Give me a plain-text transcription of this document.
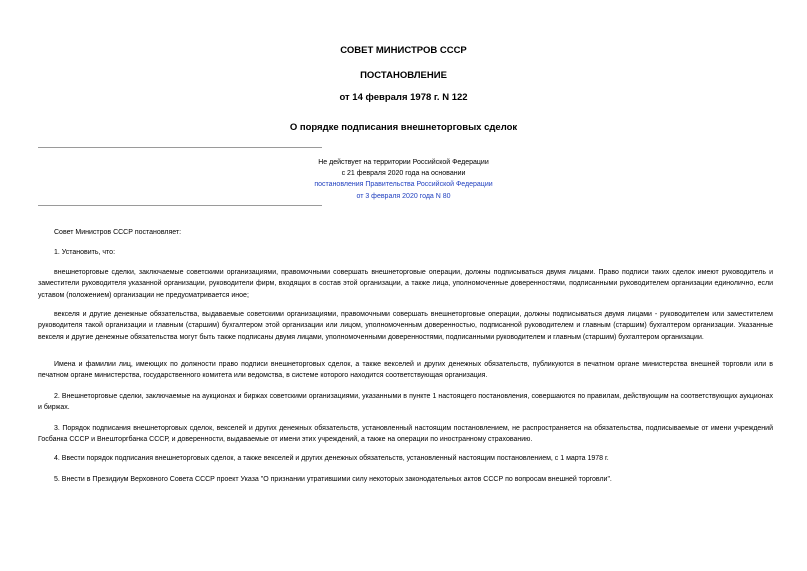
СОВЕТ МИНИСТРОВ СССР
ПОСТАНОВЛЕНИЕ
от 14 февраля 1978 г. N 122
О порядке подписания внешнеторговых сделок
Не действует на территории Российской Федерации
с 21 февраля 2020 года на основании
постановления Правительства Российской Федерации
от 3 февраля 2020 года N 80
Совет Министров СССР постановляет:
1. Установить, что:
внешнеторговые сделки, заключаемые советскими организациями, правомочными совершать внешнеторговые операции, должны подписываться двумя лицами. Право подписи таких сделок имеют руководитель и заместители руководителя указанной организации, руководители фирм, входящих в состав этой организации, а также лица, уполномоченные доверенностями, подписанными руководителем организации единолично, если уставом (положением) организации не предусматривается иное;
векселя и другие денежные обязательства, выдаваемые советскими организациями, правомочными совершать внешнеторговые операции, должны подписываться двумя лицами - руководителем или заместителем руководителя такой организации и главным (старшим) бухгалтером этой организации или лицом, уполномоченным доверенностью, подписанной руководителем и главным (старшим) бухгалтером организации. Указанные векселя и другие денежные обязательства могут быть также подписаны двумя лицами, уполномоченными доверенностями, подписанными руководителем и главным (старшим) бухгалтером организации.
Имена и фамилии лиц, имеющих по должности право подписи внешнеторговых сделок, а также векселей и других денежных обязательств, публикуются в печатном органе министерства внешней торговли или в печатном органе министерства, государственного комитета или ведомства, в системе которого находится соответствующая организация.
2. Внешнеторговые сделки, заключаемые на аукционах и биржах советскими организациями, указанными в пункте 1 настоящего постановления, совершаются по правилам, действующим на соответствующих аукционах и биржах.
3. Порядок подписания внешнеторговых сделок, векселей и других денежных обязательств, установленный настоящим постановлением, не распространяется на обязательства, подписываемые от имени учреждений Госбанка СССР и Внешторгбанка СССР, и доверенности, выдаваемые от имени этих учреждений, а также на операции по иностранному страхованию.
4. Ввести порядок подписания внешнеторговых сделок, а также векселей и других денежных обязательств, установленный настоящим постановлением, с 1 марта 1978 г.
5. Внести в Президиум Верховного Совета СССР проект Указа "О признании утратившими силу некоторых законодательных актов СССР по вопросам внешней торговли".
